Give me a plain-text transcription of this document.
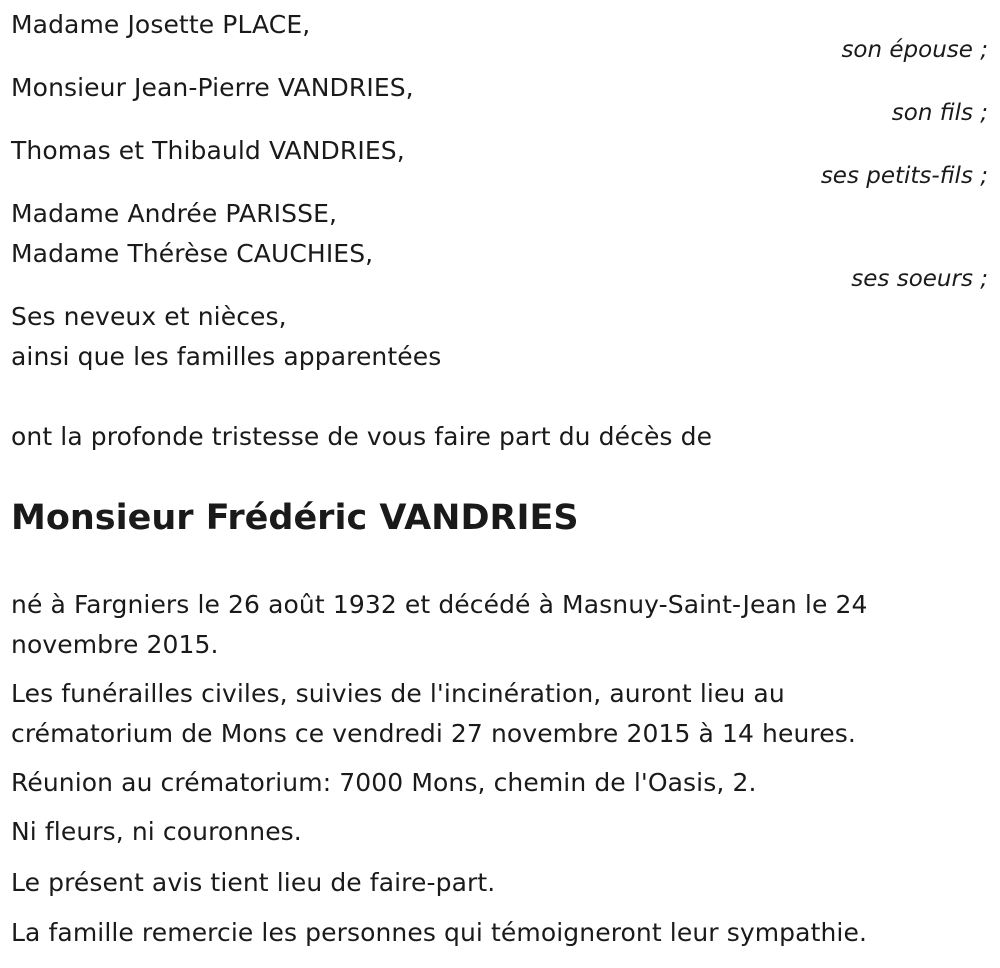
Madame Josette PLACE,
son épouse ;
Monsieur Jean-Pierre VANDRIES,
son fils ;
Thomas et Thibauld VANDRIES,
ses petits-fils ;
Madame Andrée PARISSE,
Madame Thérèse CAUCHIES,
ses soeurs ;
Ses neveux et nièces,
ainsi que les familles apparentées
ont la profonde tristesse de vous faire part du décès de
Monsieur Frédéric VANDRIES
né à Fargniers le 26 août 1932 et décédé à Masnuy-Saint-Jean le 24
novembre 2015.
Les funérailles civiles, suivies de l'incinération, auront lieu au
crématorium de Mons ce vendredi 27 novembre 2015 à 14 heures.
Réunion au crématorium: 7000 Mons, chemin de l'Oasis, 2.
Ni fleurs, ni couronnes.
Le présent avis tient lieu de faire-part.
La famille remercie les personnes qui témoigneront leur sympathie.
